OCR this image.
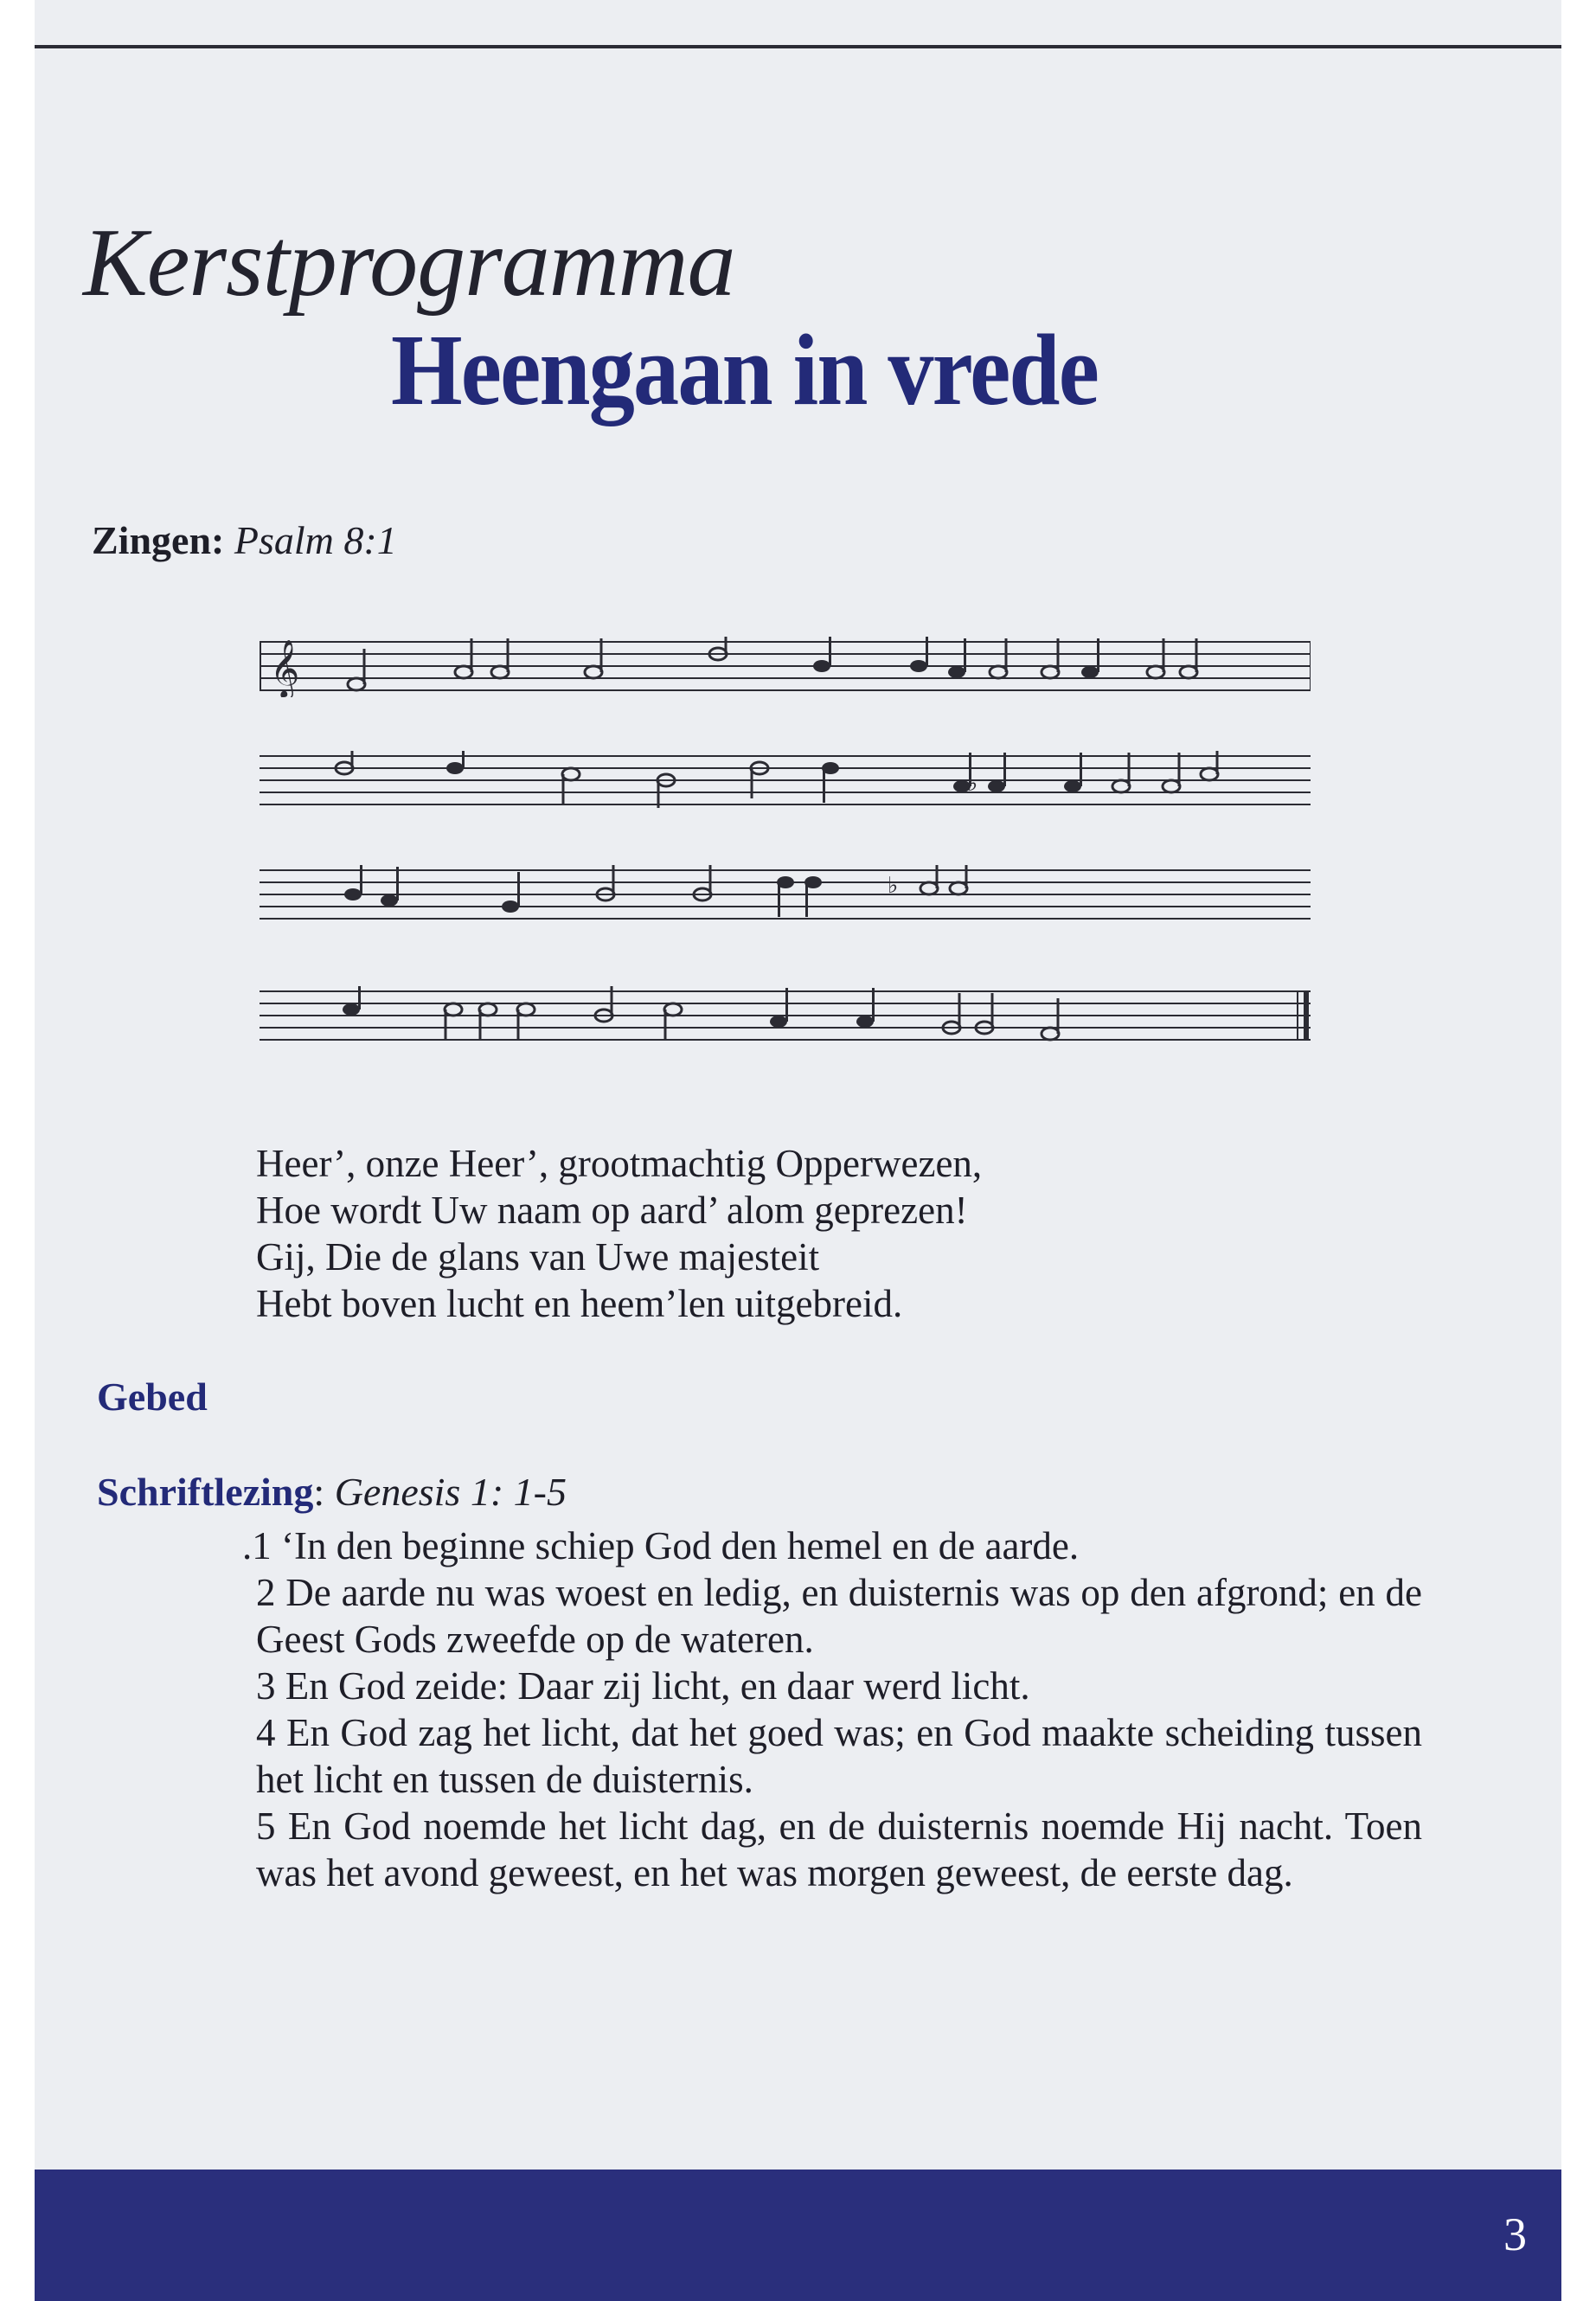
Kerstprogramma
Heengaan in vrede
Zingen: Psalm 8:1
𝄞
♭
♭
Heer’, onze Heer’, grootmachtig Opperwezen,
Hoe wordt Uw naam op aard’ alom geprezen!
Gij, Die de glans van Uwe majesteit
Hebt boven lucht en heem’len uitgebreid.
Gebed
Schriftlezing: Genesis 1: 1-5
.1 ‘In den beginne schiep God den hemel en de aarde.
2 De aarde nu was woest en ledig, en duisternis was op den afgrond; en de Geest Gods zweefde op de wateren.
3 En God zeide: Daar zij licht, en daar werd licht.
4 En God zag het licht, dat het goed was; en God maakte scheiding tussen het licht en tussen de duisternis.
5 En God noemde het licht dag, en de duisternis noemde Hij nacht. Toen was het avond geweest, en het was morgen geweest, de eerste dag.
3
